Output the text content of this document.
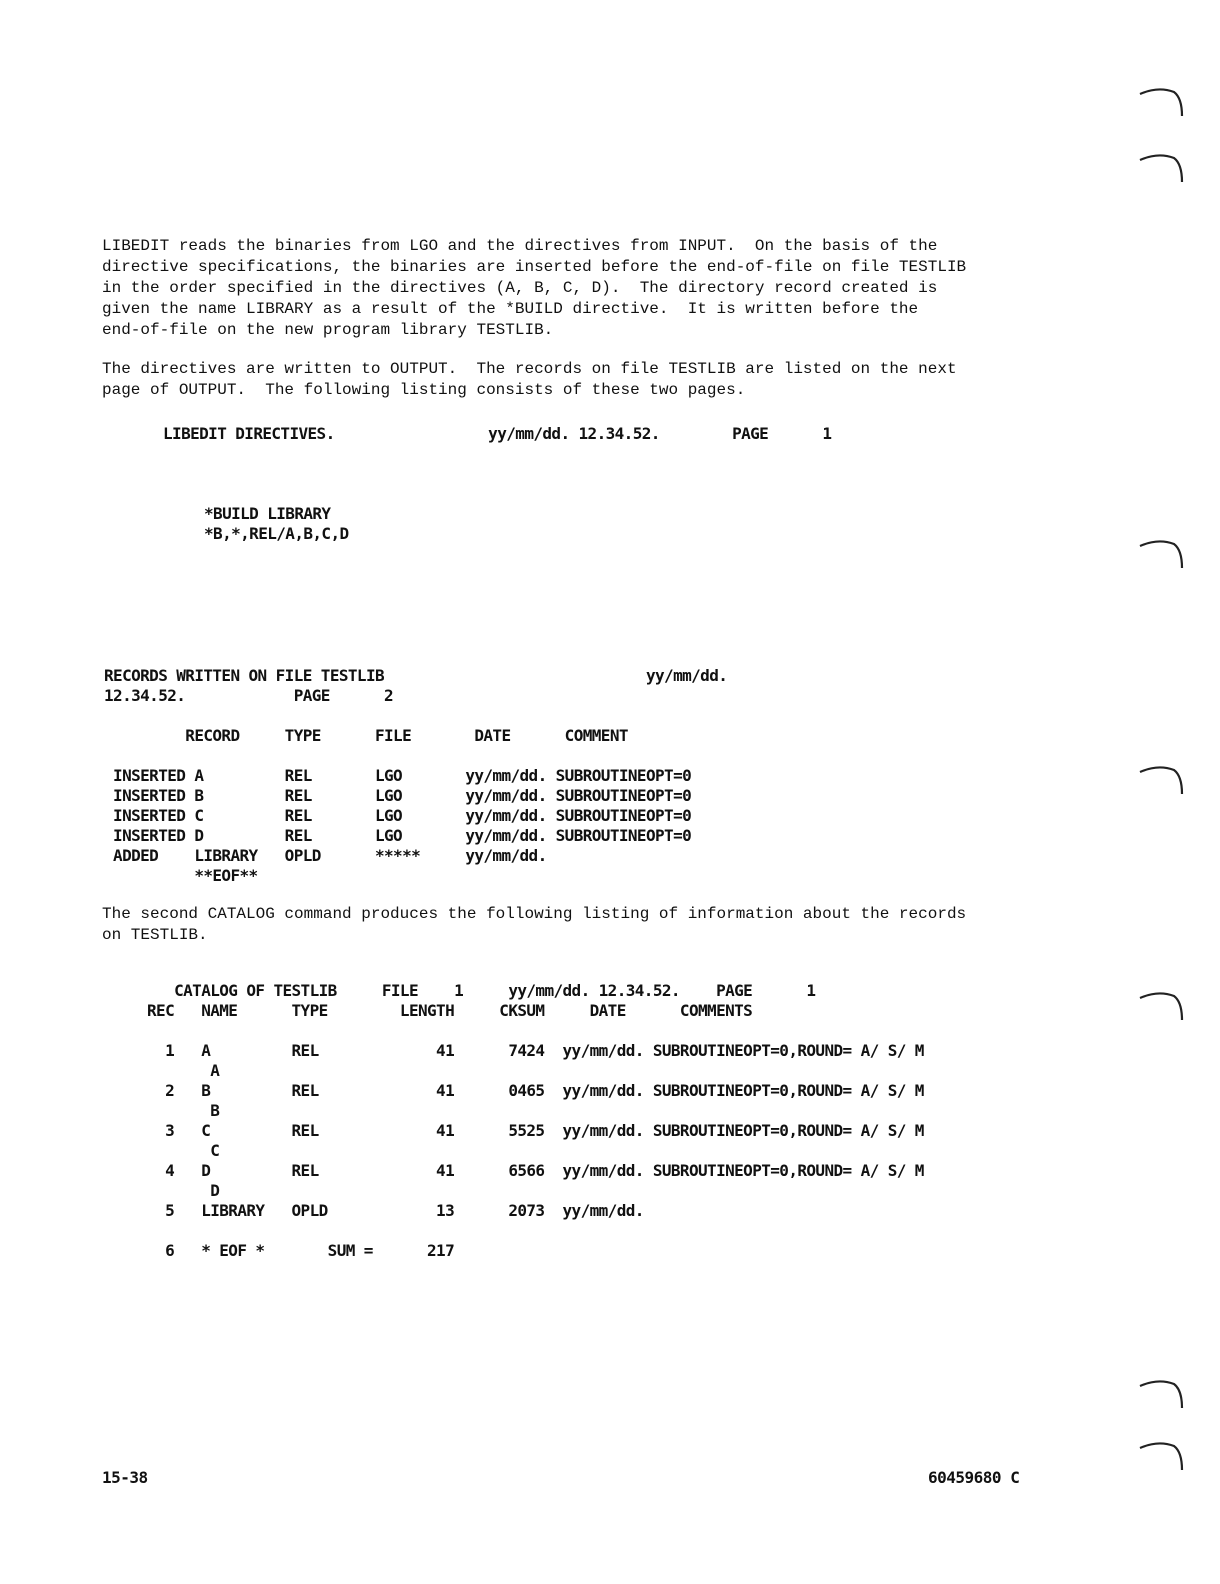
LIBEDIT reads the binaries from LGO and the directives from INPUT.  On the basis of the
directive specifications, the binaries are inserted before the end-of-file on file TESTLIB
in the order specified in the directives (A, B, C, D).  The directory record created is
given the name LIBRARY as a result of the *BUILD directive.  It is written before the
end-of-file on the new program library TESTLIB.
The directives are written to OUTPUT.  The records on file TESTLIB are listed on the next
page of OUTPUT.  The following listing consists of these two pages.
LIBEDIT DIRECTIVES.                 yy/mm/dd. 12.34.52.        PAGE      1
*BUILD LIBRARY
*B,*,REL/A,B,C,D

RECORDS WRITTEN ON FILE TESTLIB                             yy/mm/dd.
12.34.52.            PAGE      2

RECORD     TYPE      FILE       DATE      COMMENT

INSERTED A         REL       LGO       yy/mm/dd. SUBROUTINEOPT=0
INSERTED B         REL       LGO       yy/mm/dd. SUBROUTINEOPT=0
INSERTED C         REL       LGO       yy/mm/dd. SUBROUTINEOPT=0
INSERTED D         REL       LGO       yy/mm/dd. SUBROUTINEOPT=0
ADDED    LIBRARY   OPLD      *****     yy/mm/dd.
**EOF**

The second CATALOG command produces the following listing of information about the records
on TESTLIB.
CATALOG OF TESTLIB     FILE    1     yy/mm/dd. 12.34.52.    PAGE      1
REC   NAME      TYPE        LENGTH     CKSUM     DATE      COMMENTS

1   A         REL             41      7424  yy/mm/dd. SUBROUTINEOPT=0,ROUND= A/ S/ M
A
2   B         REL             41      0465  yy/mm/dd. SUBROUTINEOPT=0,ROUND= A/ S/ M
B
3   C         REL             41      5525  yy/mm/dd. SUBROUTINEOPT=0,ROUND= A/ S/ M
C
4   D         REL             41      6566  yy/mm/dd. SUBROUTINEOPT=0,ROUND= A/ S/ M
D
5   LIBRARY   OPLD            13      2073  yy/mm/dd.

6   * EOF *       SUM =      217
15-38	60459680 C
